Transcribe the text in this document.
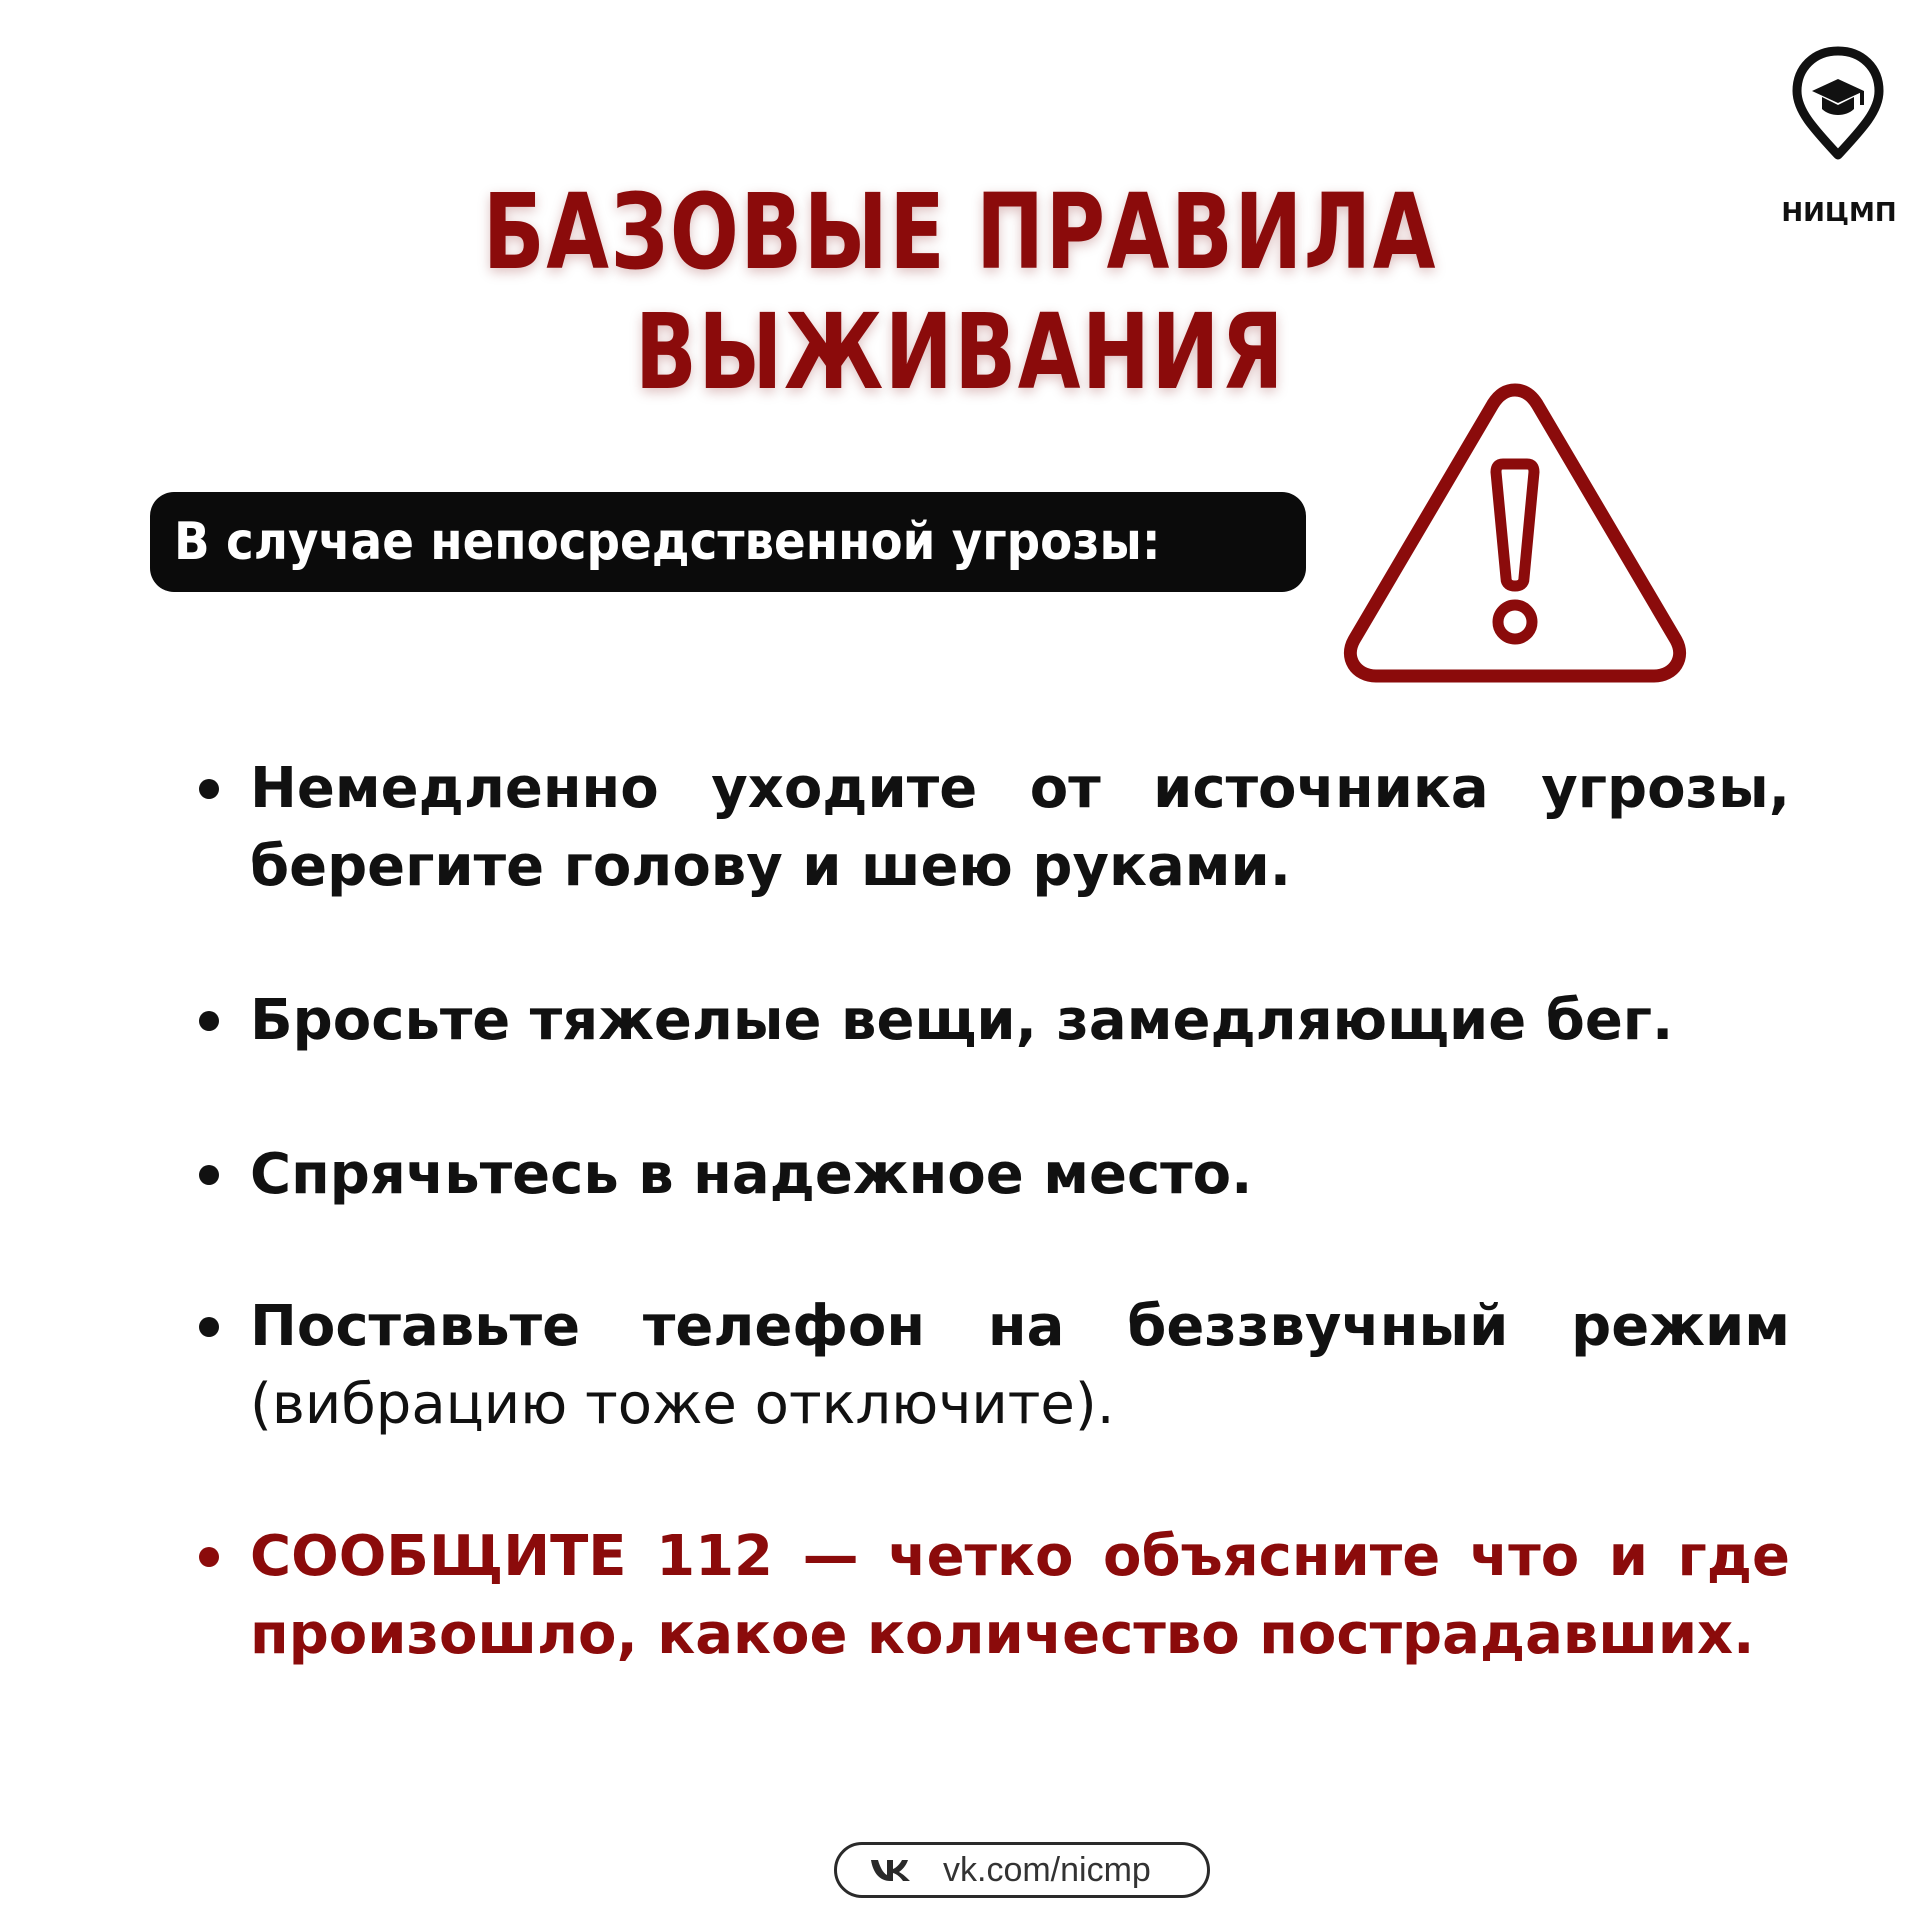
НИЦМП
БАЗОВЫЕ ПРАВИЛА ВЫЖИВАНИЯ
В случае непосредственной угрозы:
Немедленно уходите от источника угрозы, берегите голову и шею руками.
Бросьте тяжелые вещи, замедляющие бег.
Спрячьтесь в надежное место.
Поставьте телефон на беззвучный режим (вибрацию тоже отключите).
СООБЩИТЕ 112 — четко объясните что и где произошло, какое количество пострадавших.
vk.com/nicmp
